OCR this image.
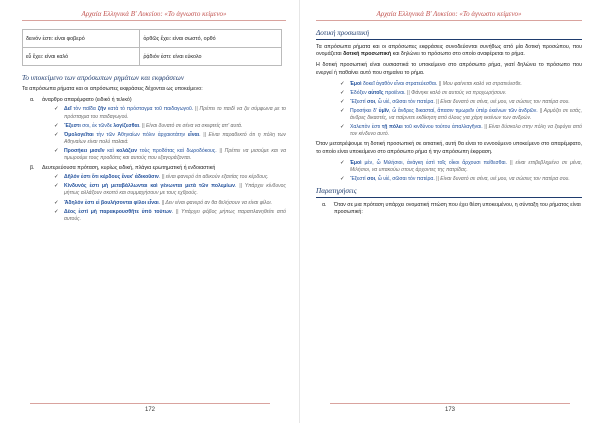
Αρχαία Ελληνικά Β' Λυκείου: «Το άγνωστο κείμενο»
δεινόν ἐστι: είναι φοβερό	ὀρθῶς ἔχει: είναι σωστό, ορθό
εὖ ἔχει: είναι καλό	ῥᾴδιόν ἐστι: είναι εύκολο
Το υποκείμενο των απρόσωπων ρημάτων και εκφράσεων

Τα απρόσωπα ρήματα και οι απρόσωπες εκφράσεις δέχονται ως υποκείμενο:

α. άναρθρο απαρέμφατο (ειδικό ή τελικό)
✓ Δεῖ τὸν παῖδα ζῆν κατὰ τὸ πρόσταγμα τοῦ παιδαγωγοῦ. || Πρέπει το παιδί να ζει σύμφωνα με το πρόσταγμα του παιδαγωγού.
✓ Ἔξεστι σοι, ἐκ τῶνδε λογίζεσθαι. || Είναι δυνατό σε σένα να σκεφτείς απ' αυτά.
✓ Ὁμολογεῖται τὴν τῶν Ἀθηναίων πόλιν ἀρχαιοτάτην εἶναι. || Είναι παραδεκτό ότι η πόλη των Αθηναίων είναι πολύ παλαιά.
✓ Προσήκει μισεῖν καὶ κολάζειν τοὺς προδότας καὶ δωροδόκους. || Πρέπει να μισούμε και να τιμωρούμε τους προδότες και αυτούς που εξαγοράζονται.
β. Δευτερεύουσα πρόταση, κυρίως ειδική, πλάγια ερωτηματική ή ενδοιαστική
✓ Δῆλόν ἐστι ὅτι κέρδους ἕνεκ' ἀδικοῦσιν. || είναι φανερό ότι αδικούν εξαιτίας του κέρδους.
✓ Κίνδυνός ἐστι μὴ μεταβάλλωνται καὶ γένωνται μετὰ τῶν πολεμίων. || Υπάρχει κίνδυνος μήπως αλλάξουν σκοπό και συμμαχήσουν με τους εχθρούς.
✓ Ἄδηλόν ἐστι εἰ βουλήσονται φίλοι εἶναι. || Δεν είναι φανερό αν θα θελήσουν να είναι φίλοι.
✓ Δέος ἐστὶ μὴ παρακρουσθῆτε ὑπὸ τούτων. || Υπάρχει φόβος μήπως παραπλανηθείτε από αυτούς.
172
Αρχαία Ελληνικά Β' Λυκείου: «Το άγνωστο κείμενο»
Δοτική προσωπική

Τα απρόσωπα ρήματα και οι απρόσωπες εκφράσεις συνοδεύονται συνήθως από μία δοτική προσώπου, που ονομάζεται δοτική προσωπική και δηλώνει το πρόσωπο στο οποίο αναφέρεται το ρήμα.

Η δοτική προσωπική είναι ουσιαστικά το υποκείμενο στο απρόσωπο ρήμα, γιατί δηλώνει το πρόσωπο που ενεργεί ή παθαίνει αυτό που σημαίνει το ρήμα.

✓ Ἐμοὶ δοκεῖ ἀγαθὸν εἶναι στρατεύεσθαι. || Μου φαίνεται καλό να στρατεύεσθε.
✓ Ἐδόξεν αὐτοῖς προϊέναι. || Φάνηκε καλό σε αυτούς να προχωρήσουν.
✓ Ἔξεστί σοι, ὦ υἱέ, σῶσαι τὸν πατέρα. || Είναι δυνατό σε σένα, υιέ μου, να σώσεις τον πατέρα σου.
✓ Προσήκει δ' ὑμῖν, ὦ ἄνδρες δικασταί, ἅπασιν τιμωρεῖν ὑπὲρ ἐκείνων τῶν ἀνδρῶν. || Αρμόζει σε εσάς, άνδρες δικαστές, να παίρνετε εκδίκηση από όλους για χάρη εκείνων των ανδρών.
✓ Χαλεπὸν ἐστι τῇ πόλει τοῦ κινδύνου τούτου ἀπαλλαγῆναι. || Είναι δύσκολο στην πόλη να ξεφύγει από τον κίνδυνο αυτό.

Όταν μετατρέψουμε τη δοτική προσωπική σε αιτιατική, αυτή θα είναι το εννοούμενο υποκείμενο στο απαρέμφατο, το οποίο είναι υποκείμενο στο απρόσωπο ρήμα ή την απρόσωπη έκφραση.

✓ Ἐμοὶ μέν, ὦ Μιλήσιοι, ἀνάγκη ἐστὶ τοῖς οἴκοι ἄρχουσι πείθεσθαι. || είναι επιβεβλημένο σε μένα, Μιλήσιοι, να υπακούω στους άρχοντες της πατρίδας.
✓ Ἔξεστί σοι, ὦ υἱέ, σῶσαι τὸν πατέρα. || Είναι δυνατό σε σένα, υιέ μου, να σώσεις τον πατέρα σου.
Παρατηρήσεις
α. Όταν σε μια πρόταση υπάρχει ονοματική πτώση που έχει θέση υποκειμένου, η σύνταξη του ρήματος είναι προσωπική:
173
